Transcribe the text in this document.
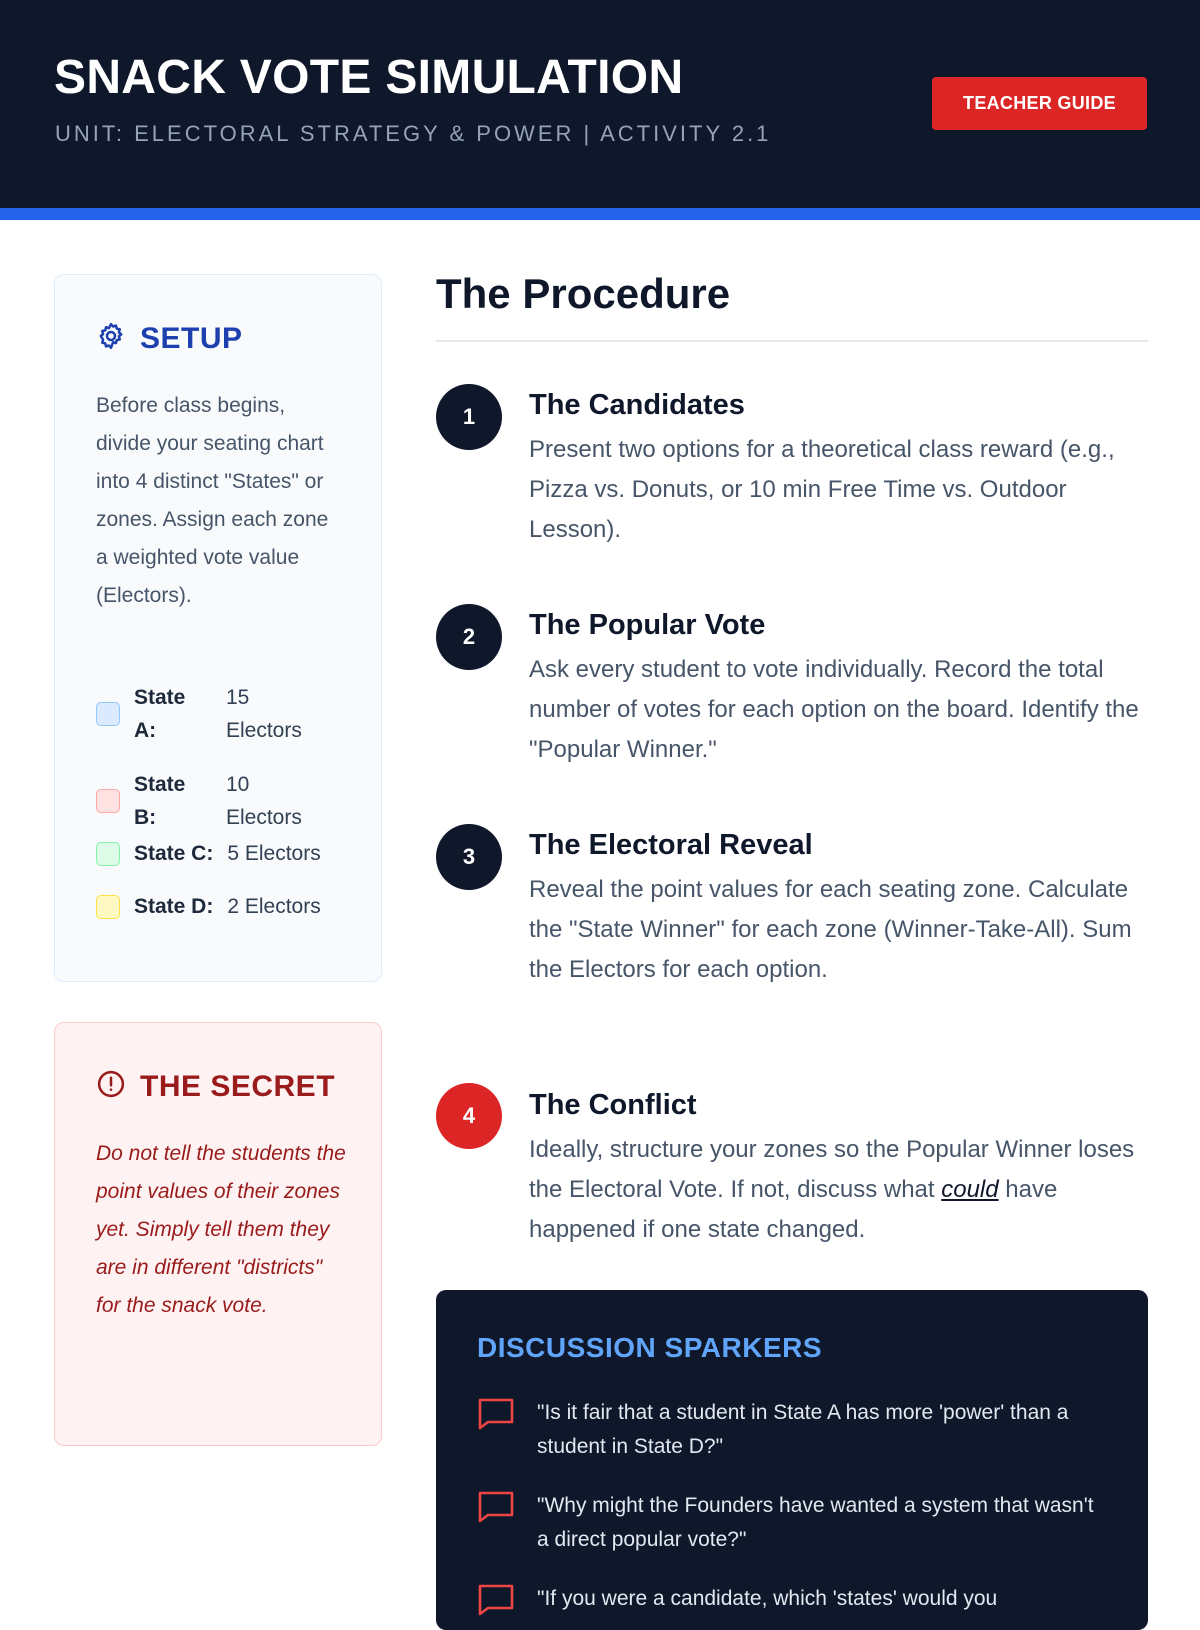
SNACK VOTE SIMULATION
UNIT: ELECTORAL STRATEGY & POWER | ACTIVITY 2.1
TEACHER GUIDE
SETUP
Before class begins, divide your seating chart into 4 distinct "States" or zones. Assign each zone a weighted vote value (Electors).
State A:
15 Electors
State B:
10 Electors
State C: 5 Electors
State D: 2 Electors
THE SECRET
Do not tell the students the point values of their zones yet. Simply tell them they are in different "districts" for the snack vote.
The Procedure
1	The Candidates
Present two options for a theoretical class reward (e.g., Pizza vs. Donuts, or 10 min Free Time vs. Outdoor Lesson).
2	The Popular Vote
Ask every student to vote individually. Record the total number of votes for each option on the board. Identify the "Popular Winner."
3	The Electoral Reveal
Reveal the point values for each seating zone. Calculate the "State Winner" for each zone (Winner-Take-All). Sum the Electors for each option.
4	The Conflict
Ideally, structure your zones so the Popular Winner loses the Electoral Vote. If not, discuss what could have happened if one state changed.
DISCUSSION SPARKERS
"Is it fair that a student in State A has more 'power' than a student in State D?"
"Why might the Founders have wanted a system that wasn't a direct popular vote?"
"If you were a candidate, which 'states' would you
